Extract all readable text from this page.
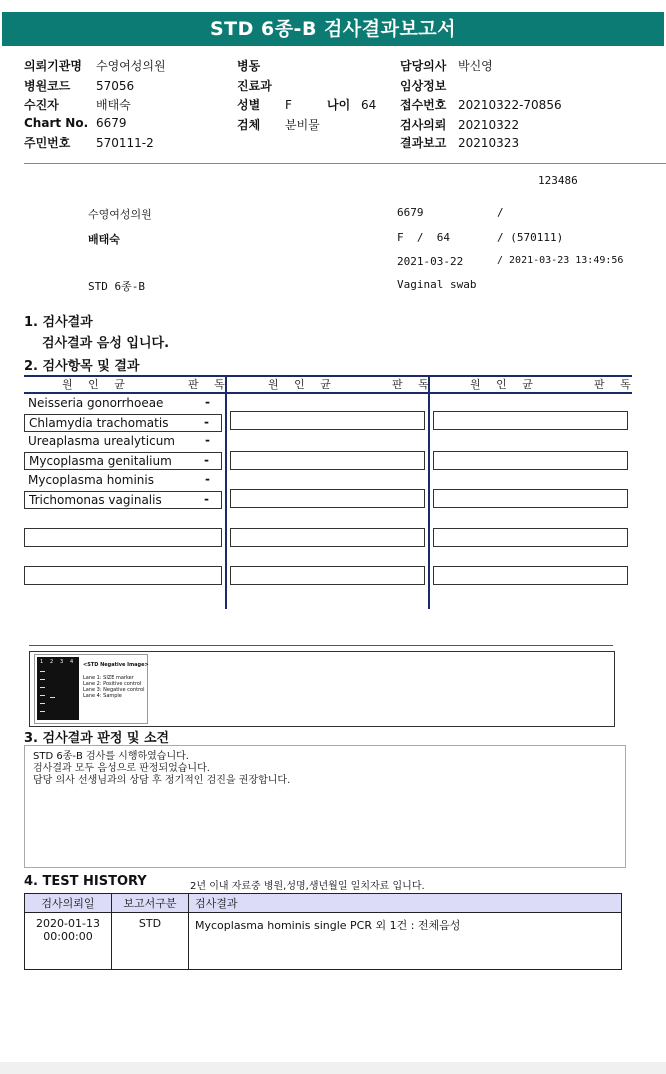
STD 6종-B 검사결과보고서
의뢰기관명 수영여성의원
병원코드 57056
수진자	배태숙
Chart No. 6679
주민번호 570111-2
병동
진료과
성별 F	나이 64
검체 분비물
담당의사 박신영
임상정보
접수번호 20210322-70856
검사의뢰 20210322
결과보고 20210323
123486
수영여성의원	6679	/
배태숙	F  /  64	/ (570111)
2021-03-22	/ 2021-03-23 13:49:56
STD 6종-B	Vaginal swab
1. 검사결과
검사결과 음성 입니다.
2. 검사항목 및 결과
원 인 균	판 독	원 인 균	판 독	원 인 균	판 독
Neisseria gonorrhoeae	-
Chlamydia trachomatis	-
Ureaplasma urealyticum	-
Mycoplasma genitalium	-
Mycoplasma hominis	-
Trichomonas vaginalis	-
1 2 3 4 <STD Negative Image>
Lane 1: SIZE marker
Lane 2: Positive control
Lane 3: Negative control
Lane 4: Sample
3. 검사결과 판정 및 소견
STD 6종-B 검사를 시행하였습니다.
검사결과 모두 음성으로 판정되었습니다.
담당 의사 선생님과의 상담 후 정기적인 검진을 권장합니다.
4. TEST HISTORY	2년 이내 자료중 병원,성명,생년월일 일치자료 입니다.
검사의뢰일	보고서구분	검사결과

2020-01-13
00:00:00	STD	Mycoplasma hominis single PCR 외 1건 : 전체음성
